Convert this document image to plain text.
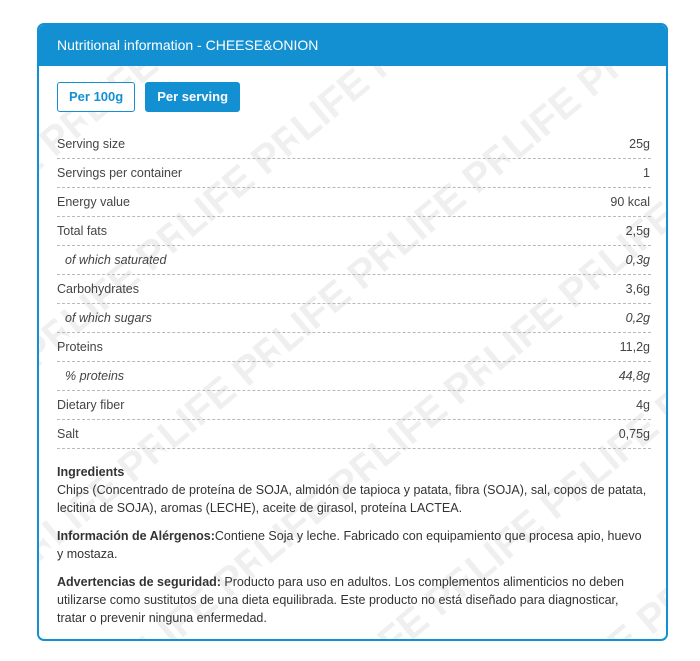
Nutritional information - CHEESE&ONION
Per 100g	Per serving
Serving size	25g
Servings per container	1
Energy value	90 kcal
Total fats	2,5g
of which saturated	0,3g
Carbohydrates	3,6g
of which sugars	0,2g
Proteins	11,2g
% proteins	44,8g
Dietary fiber	4g
Salt	0,75g
Ingredients
Chips (Concentrado de proteína de SOJA, almidón de tapioca y patata, fibra (SOJA), sal, copos de patata, lecitina de SOJA), aromas (LECHE), aceite de girasol, proteína LACTEA.
Información de Alérgenos:Contiene Soja y leche. Fabricado con equipamiento que procesa apio, huevo y mostaza.
Advertencias de seguridad: Producto para uso en adultos. Los complementos alimenticios no deben utilizarse como sustitutos de una dieta equilibrada. Este producto no está diseñado para diagnosticar, tratar o prevenir ninguna enfermedad.
